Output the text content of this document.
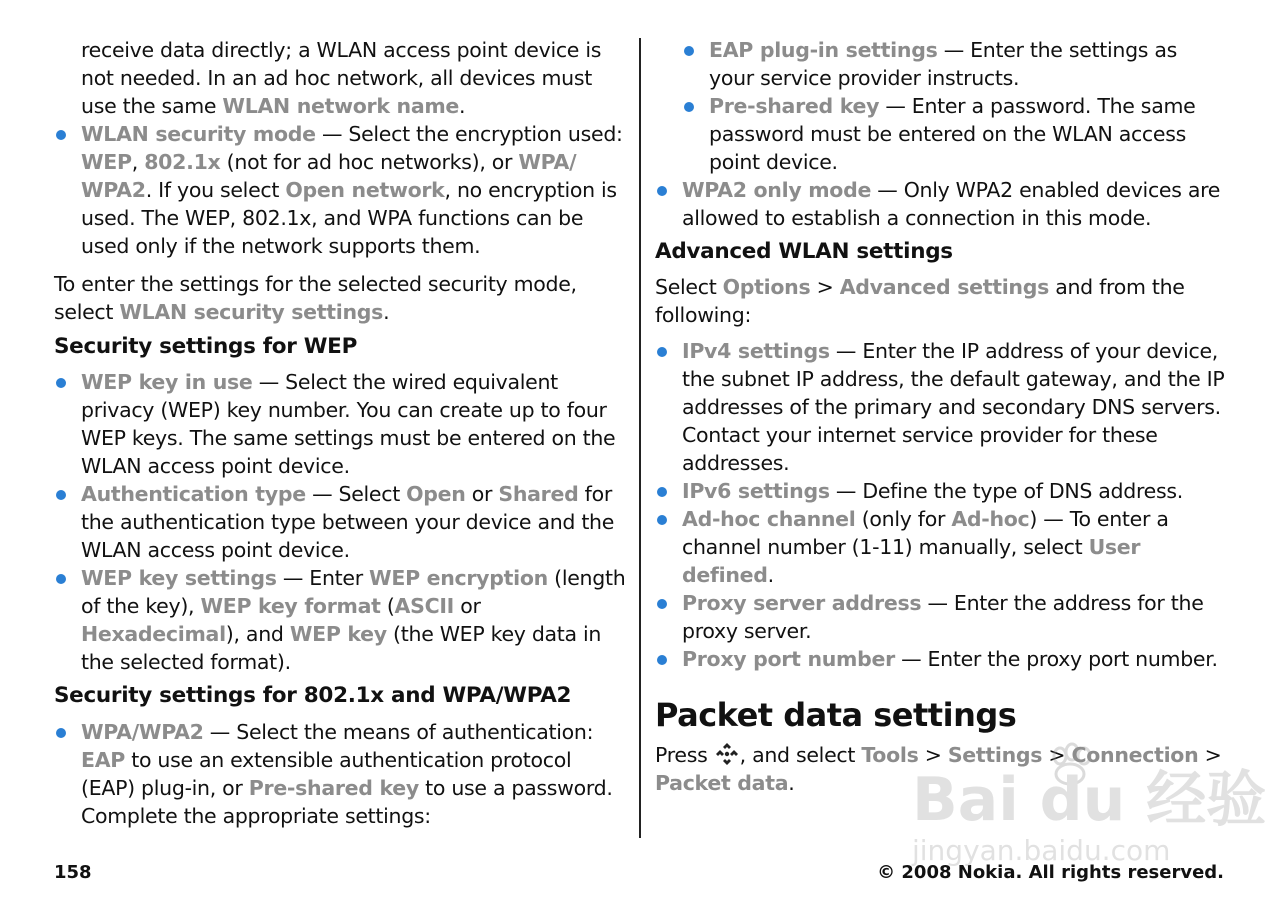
receive data directly; a WLAN access point device is not needed. In an ad hoc network, all devices must use the same WLAN network name.
WLAN security mode — Select the encryption used: WEP, 802.1x (not for ad hoc networks), or WPA/ WPA2. If you select Open network, no encryption is used. The WEP, 802.1x, and WPA functions can be used only if the network supports them.

To enter the settings for the selected security mode, select WLAN security settings.

Security settings for WEP

WEP key in use — Select the wired equivalent privacy (WEP) key number. You can create up to four WEP keys. The same settings must be entered on the WLAN access point device.
Authentication type — Select Open or Shared for the authentication type between your device and the WLAN access point device.
WEP key settings — Enter WEP encryption (length of the key), WEP key format (ASCII or Hexadecimal), and WEP key (the WEP key data in the selected format).

Security settings for 802.1x and WPA/WPA2

WPA/WPA2 — Select the means of authentication: EAP to use an extensible authentication protocol (EAP) plug-in, or Pre-shared key to use a password. Complete the appropriate settings:
EAP plug-in settings — Enter the settings as your service provider instructs.
Pre-shared key — Enter a password. The same password must be entered on the WLAN access point device.
WPA2 only mode — Only WPA2 enabled devices are allowed to establish a connection in this mode.

Advanced WLAN settings

Select Options > Advanced settings and from the following:

IPv4 settings — Enter the IP address of your device, the subnet IP address, the default gateway, and the IP addresses of the primary and secondary DNS servers. Contact your internet service provider for these addresses.
IPv6 settings — Define the type of DNS address.
Ad-hoc channel (only for Ad-hoc) — To enter a channel number (1-11) manually, select User defined.
Proxy server address — Enter the address for the proxy server.
Proxy port number — Enter the proxy port number.

Packet data settings

Press , and select Tools > Settings > Connection > Packet data.

158	© 2008 Nokia. All rights reserved.
Bai du 经验
jingyan.baidu.com
